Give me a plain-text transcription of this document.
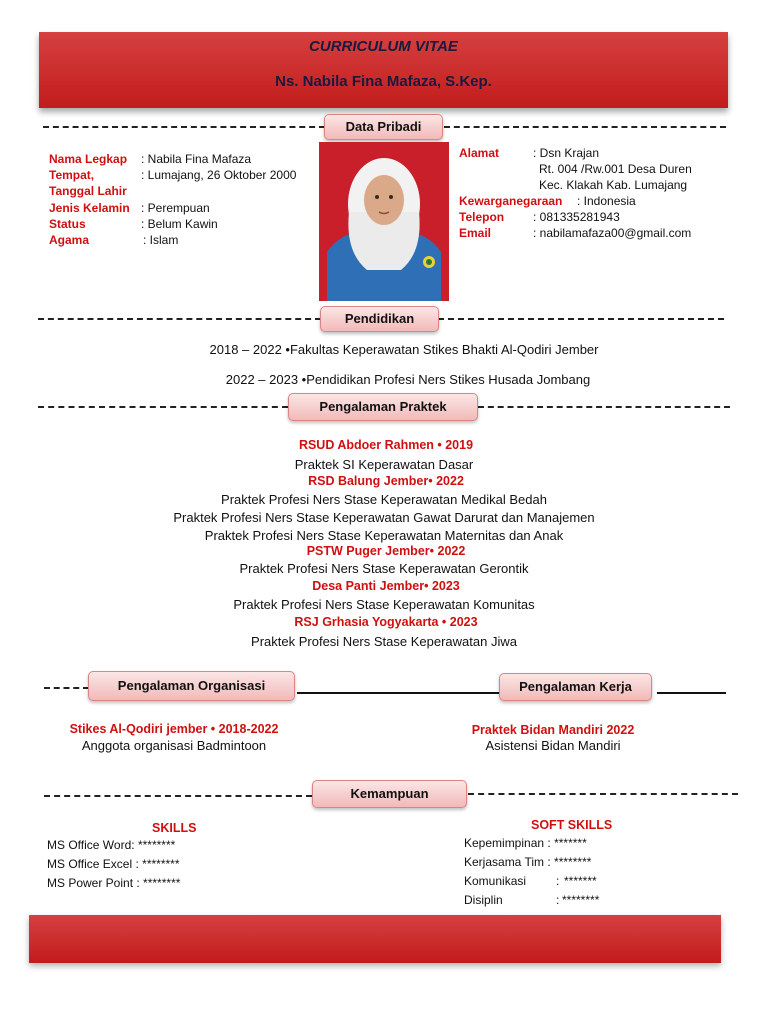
CURRICULUM VITAE
Ns. Nabila Fina Mafaza, S.Kep.
Data Pribadi
Nama Legkap : Nabila Fina Mafaza
Tempat,	: Lumajang, 26 Oktober 2000
Tanggal Lahir
Jenis Kelamin : Perempuan
Status	: Belum Kawin
Agama	: Islam
Alamat	: Dsn Krajan
Rt. 004 /Rw.001 Desa Duren
Kec. Klakah Kab. Lumajang
Kewarganegaraan : Indonesia
Telepon : 081335281943
Email	: nabilamafaza00@gmail.com
Pendidikan
2018 – 2022 •Fakultas Keperawatan Stikes Bhakti Al-Qodiri Jember
2022 – 2023 •Pendidikan Profesi Ners Stikes Husada Jombang
Pengalaman Praktek
RSUD Abdoer Rahmen • 2019
Praktek SI Keperawatan Dasar
RSD Balung Jember• 2022
Praktek Profesi Ners Stase Keperawatan Medikal Bedah
Praktek Profesi Ners Stase Keperawatan Gawat Darurat dan Manajemen
Praktek Profesi Ners Stase Keperawatan Maternitas dan Anak
PSTW Puger Jember• 2022
Praktek Profesi Ners Stase Keperawatan Gerontik
Desa Panti Jember• 2023
Praktek Profesi Ners Stase Keperawatan Komunitas
RSJ Grhasia Yogyakarta • 2023
Praktek Profesi Ners Stase Keperawatan Jiwa
Pengalaman Organisasi	Pengalaman Kerja
Stikes Al-Qodiri jember • 2018-2022
Anggota organisasi Badmintoon
Praktek Bidan Mandiri 2022
Asistensi Bidan Mandiri
Kemampuan
SKILLS
MS Office Word: ********
MS Office Excel : ********
MS Power Point : ********
SOFT SKILLS
Kepemimpinan : *******
Kerjasama Tim : ********
Komunikasi : *******
Disiplin	: ********
